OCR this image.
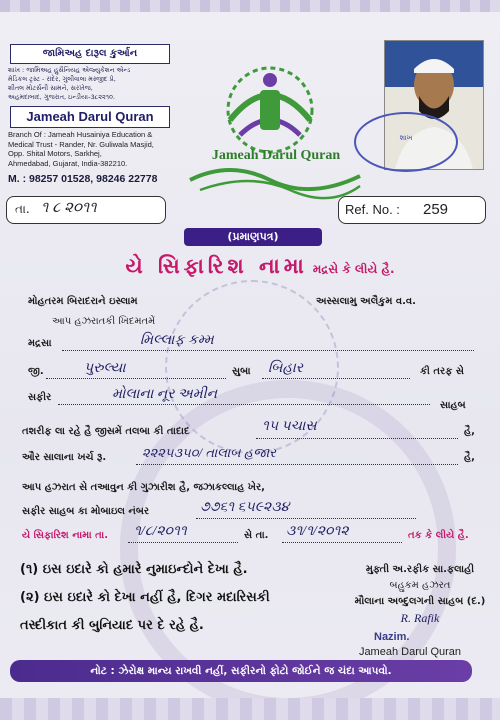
જામિઅહ દારૂલ કુર્આન
શાખ : જામિઅહ હુસૈનિયહ એજ્યુકેશન એન્ડ
મેડિકલ ટ્રસ્ટ - રાંદેર, ગુલીવાલા મસ્જીદ પ્રે,
શીતલ મોટર્સની સામને, સરખેજ,
અહમદાબાદ, ગુજરાત, ઇન્ડીયા-૩૮૨૨૧૦.
Jameah Darul Quran
Branch Of : Jameah Husainiya Education &
Medical Trust - Rander, Nr. Guliwala Masjid,
Opp. Shital Motors, Sarkhej,
Ahmedabad, Gujarat, India-382210.
M. : 98257 01528, 98246 22778
Jameah Darul Quran
શાખ
તા. ૧ ૮ ૨૦૧૧	Ref. No. : 259
(પ્રમાણપત્ર)
યે સિફારિશ નામા મદ્રસે કે લીયે હૈ.
મોહતરમ બિરાદરાને ઇસ્લામ	અસ્સલામુ અલૈકુમ વ.વ.
આપ હઝરાતકી ખિદમતમેં
મદ્રસા	મિલ્લાફ કમ્મ
જી.	પુરુલ્યા	સુબા બિહાર	કી તરફ સે
સફીર	મોલાના નૂર અમીન
સાહબ
તશરીફ લા રહે હૈ જીસમેં તલબા કી તાદાદ	૧૫ પચાસ	હૈ,
ઔર સાલાના ખર્ચ રૂ.	૨૨૨૫૩૫૦/ તાલાબ હજાર	હૈ,
આપ હઝરાત સે તઆવુન કી ગુઝારીશ હૈ, જઝાકલ્લાહ ખેર,
સફીર સાહબ કા મોબાઇલ નંબર	૭૭૬૧ ૬૫૯૨૩૪
યે સિફારિશ નામા તા. ૧/૮/૨૦૧૧	સે તા. ૩૧/૧/૨૦૧૨	તક કે લીયે હૈ.
(૧) ઇસ ઇદારે કો હમારે નુમાઇન્દોને દેખા હૈ.
(૨) ઇસ ઇદારે કો દેખા નહીં હૈ, દિગર મદારિસકી
તસ્દીકાત કી બુનિયાદ પર દે રહે હૈ.
મુફ્તી અ.રફીક સા.ફલાહી
બહુકમ હઝરત
મૌલાના અબ્દુલગની સાહબ (દ.)
R. Rafik
Nazim.
Jameah Darul Quran
નોટ : ઝેરોક્ષ માન્ય રાખવી નહીં, સફીરનો ફોટો જોઈને જ ચંદા આપવો.
